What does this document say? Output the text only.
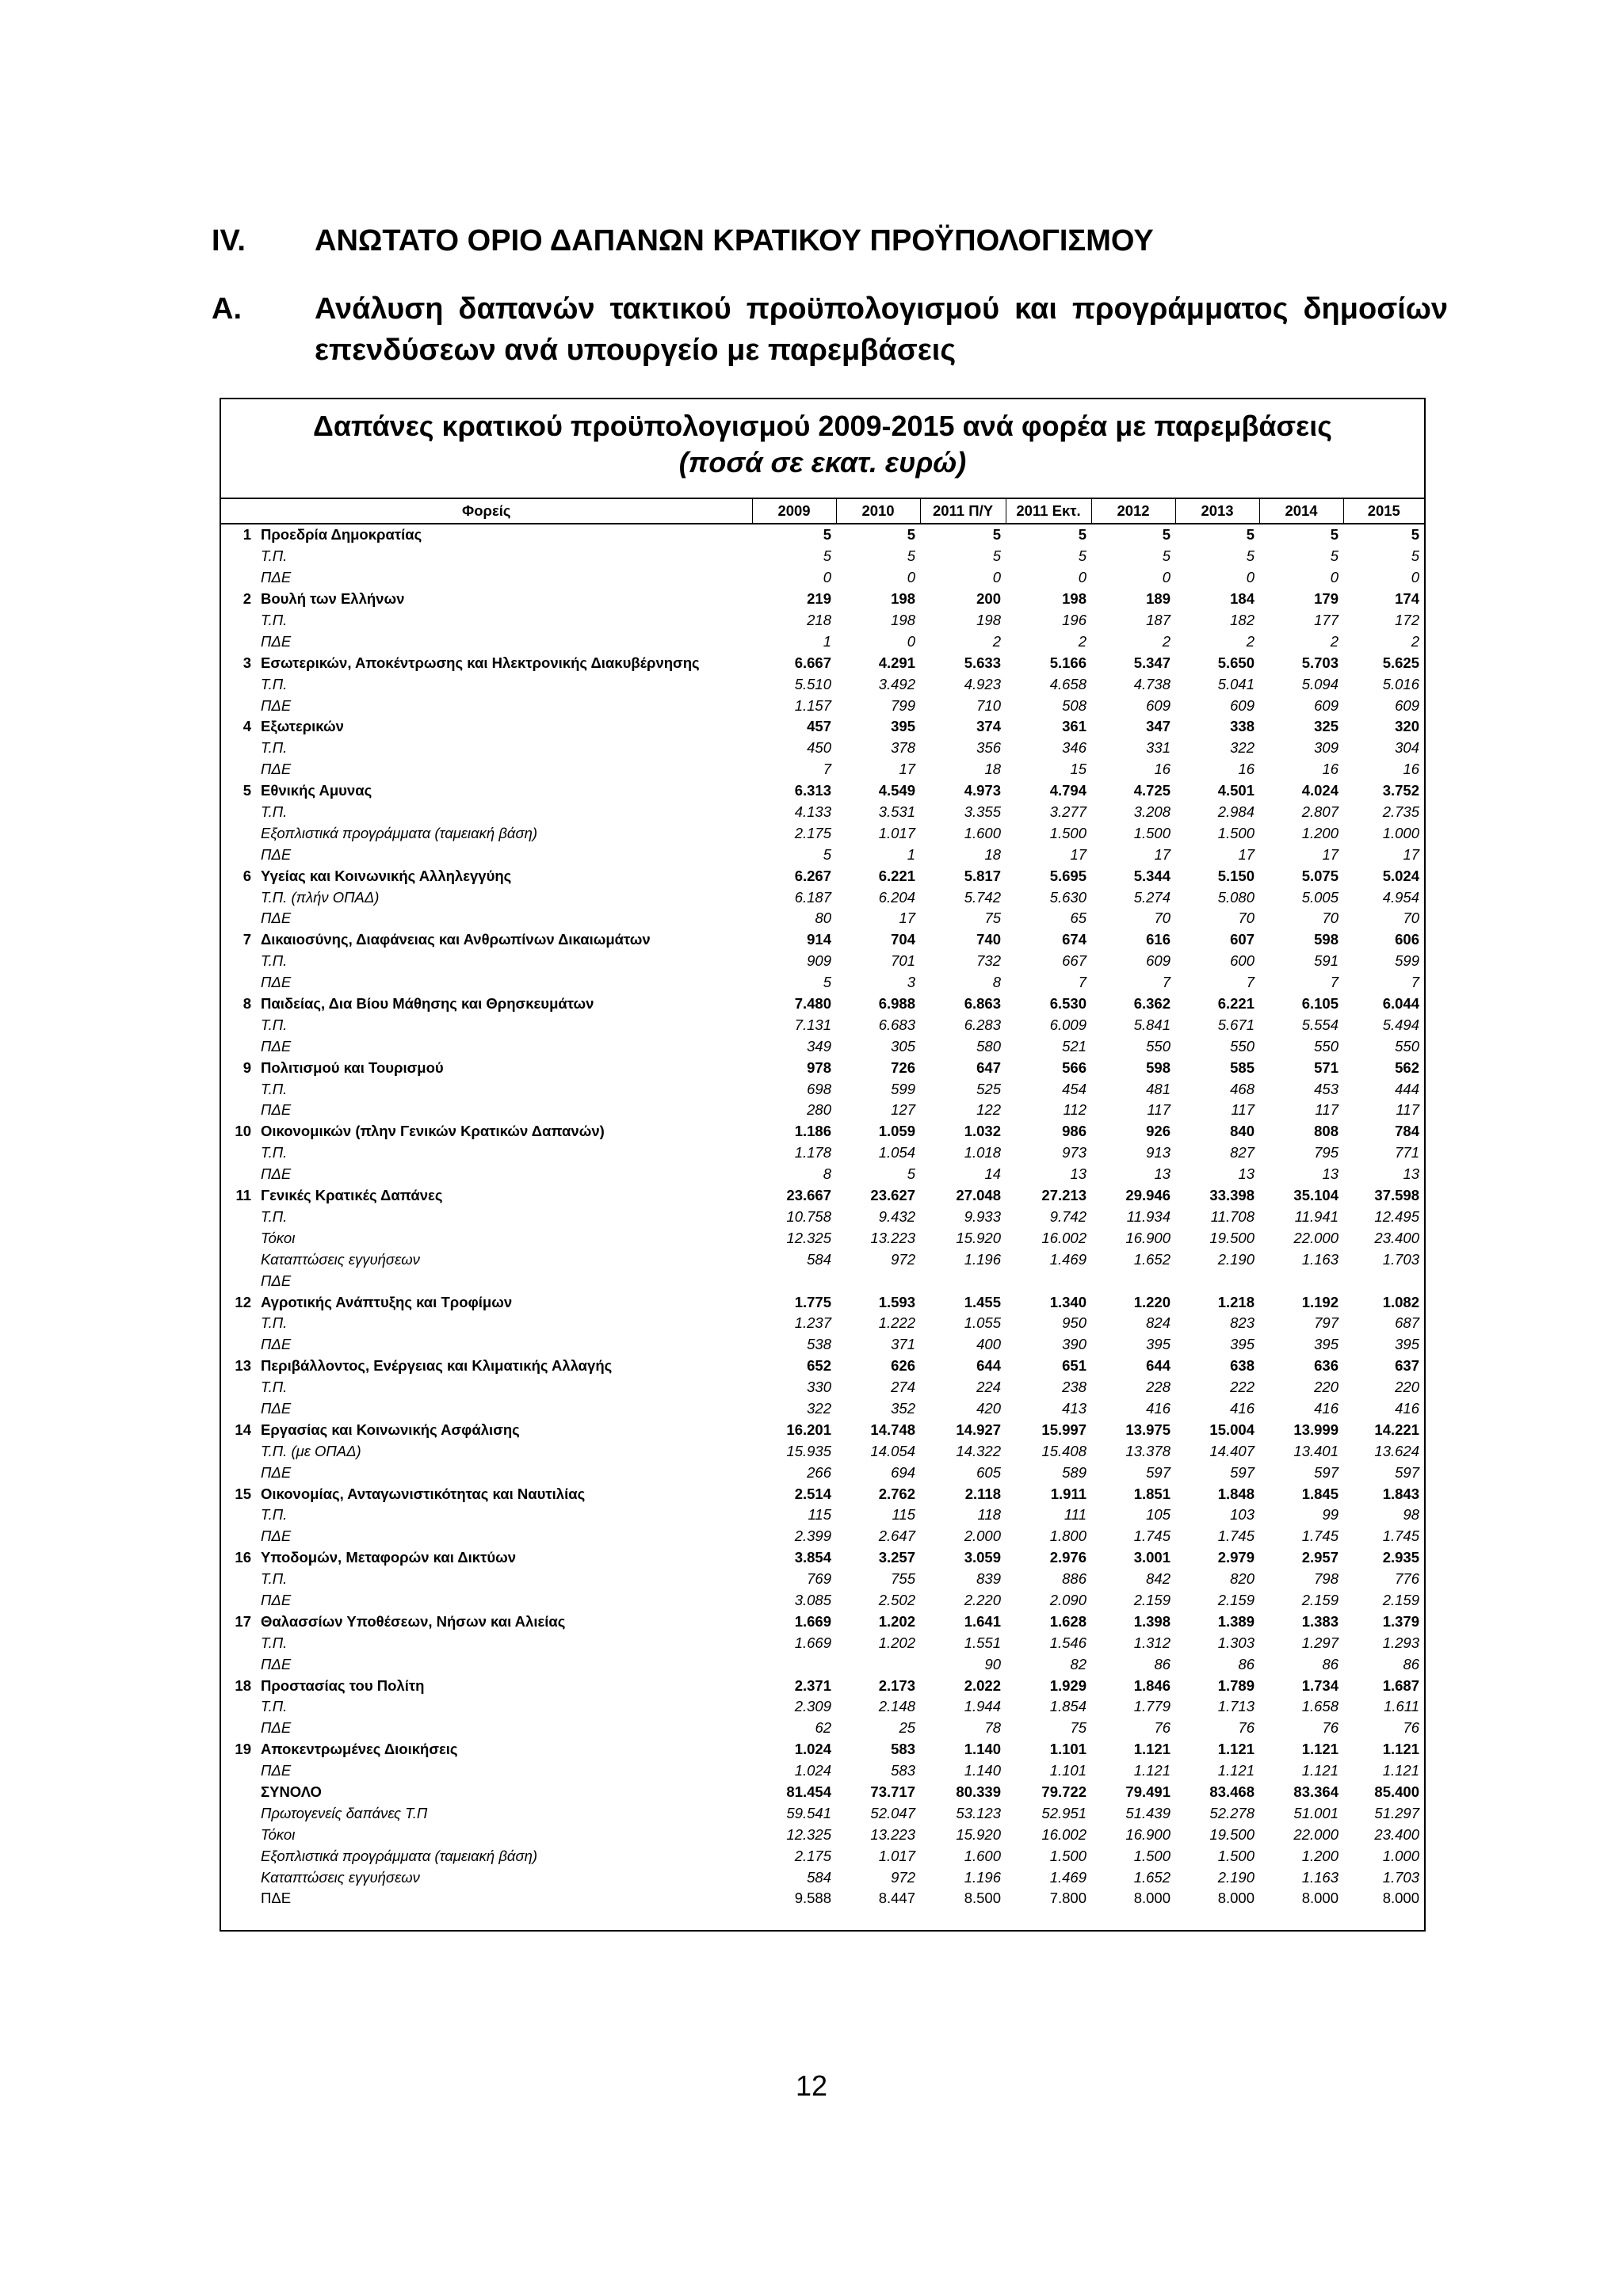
IV.	ΑΝΩΤΑΤΟ ΟΡΙΟ ΔΑΠΑΝΩΝ ΚΡΑΤΙΚΟΥ ΠΡΟΫΠΟΛΟΓΙΣΜΟΥ
Α.	Ανάλυση δαπανών τακτικού προϋπολογισμού και προγράμματος δημοσίων επενδύσεων ανά υπουργείο με παρεμβάσεις
Δαπάνες κρατικού προϋπολογισμού 2009-2015 ανά φορέα με παρεμβάσεις
(ποσά σε εκατ. ευρώ)
Φορείς		2009	2010	2011 Π/Υ	2011 Εκτ.	2012	2013	2014	2015
1	Προεδρία Δημοκρατίας	5	5	5	5	5	5	5	5
	Τ.Π.	5	5	5	5	5	5	5	5
	ΠΔΕ	0	0	0	0	0	0	0	0
2	Βουλή των Ελλήνων	219	198	200	198	189	184	179	174
	Τ.Π.	218	198	198	196	187	182	177	172
	ΠΔΕ	1	0	2	2	2	2	2	2
3	Εσωτερικών, Αποκέντρωσης και Ηλεκτρονικής Διακυβέρνησης	6.667	4.291	5.633	5.166	5.347	5.650	5.703	5.625
	Τ.Π.	5.510	3.492	4.923	4.658	4.738	5.041	5.094	5.016
	ΠΔΕ	1.157	799	710	508	609	609	609	609
4	Εξωτερικών	457	395	374	361	347	338	325	320
	Τ.Π.	450	378	356	346	331	322	309	304
	ΠΔΕ	7	17	18	15	16	16	16	16
5	Εθνικής Αμυνας	6.313	4.549	4.973	4.794	4.725	4.501	4.024	3.752
	Τ.Π.	4.133	3.531	3.355	3.277	3.208	2.984	2.807	2.735
	Εξοπλιστικά προγράμματα (ταμειακή βάση)	2.175	1.017	1.600	1.500	1.500	1.500	1.200	1.000
	ΠΔΕ	5	1	18	17	17	17	17	17
6	Υγείας και Κοινωνικής Αλληλεγγύης	6.267	6.221	5.817	5.695	5.344	5.150	5.075	5.024
	Τ.Π. (πλήν ΟΠΑΔ)	6.187	6.204	5.742	5.630	5.274	5.080	5.005	4.954
	ΠΔΕ	80	17	75	65	70	70	70	70
7	Δικαιοσύνης, Διαφάνειας και Ανθρωπίνων Δικαιωμάτων	914	704	740	674	616	607	598	606
	Τ.Π.	909	701	732	667	609	600	591	599
	ΠΔΕ	5	3	8	7	7	7	7	7
8	Παιδείας, Δια Βίου Μάθησης και Θρησκευμάτων	7.480	6.988	6.863	6.530	6.362	6.221	6.105	6.044
	Τ.Π.	7.131	6.683	6.283	6.009	5.841	5.671	5.554	5.494
	ΠΔΕ	349	305	580	521	550	550	550	550
9	Πολιτισμού και Τουρισμού	978	726	647	566	598	585	571	562
	Τ.Π.	698	599	525	454	481	468	453	444
	ΠΔΕ	280	127	122	112	117	117	117	117
10	Οικονομικών (πλην Γενικών Κρατικών Δαπανών)	1.186	1.059	1.032	986	926	840	808	784
	Τ.Π.	1.178	1.054	1.018	973	913	827	795	771
	ΠΔΕ	8	5	14	13	13	13	13	13
11	Γενικές Κρατικές Δαπάνες	23.667	23.627	27.048	27.213	29.946	33.398	35.104	37.598
	Τ.Π.	10.758	9.432	9.933	9.742	11.934	11.708	11.941	12.495
	Τόκοι	12.325	13.223	15.920	16.002	16.900	19.500	22.000	23.400
	Καταπτώσεις εγγυήσεων	584	972	1.196	1.469	1.652	2.190	1.163	1.703
	ΠΔΕ								
12	Αγροτικής Ανάπτυξης και Τροφίμων	1.775	1.593	1.455	1.340	1.220	1.218	1.192	1.082
	Τ.Π.	1.237	1.222	1.055	950	824	823	797	687
	ΠΔΕ	538	371	400	390	395	395	395	395
13	Περιβάλλοντος, Ενέργειας και Κλιματικής Αλλαγής	652	626	644	651	644	638	636	637
	Τ.Π.	330	274	224	238	228	222	220	220
	ΠΔΕ	322	352	420	413	416	416	416	416
14	Εργασίας και Κοινωνικής Ασφάλισης	16.201	14.748	14.927	15.997	13.975	15.004	13.999	14.221
	Τ.Π. (με ΟΠΑΔ)	15.935	14.054	14.322	15.408	13.378	14.407	13.401	13.624
	ΠΔΕ	266	694	605	589	597	597	597	597
15	Οικονομίας, Ανταγωνιστικότητας και Ναυτιλίας	2.514	2.762	2.118	1.911	1.851	1.848	1.845	1.843
	Τ.Π.	115	115	118	111	105	103	99	98
	ΠΔΕ	2.399	2.647	2.000	1.800	1.745	1.745	1.745	1.745
16	Υποδομών, Μεταφορών και Δικτύων	3.854	3.257	3.059	2.976	3.001	2.979	2.957	2.935
	Τ.Π.	769	755	839	886	842	820	798	776
	ΠΔΕ	3.085	2.502	2.220	2.090	2.159	2.159	2.159	2.159
17	Θαλασσίων Υποθέσεων, Νήσων και Αλιείας	1.669	1.202	1.641	1.628	1.398	1.389	1.383	1.379
	Τ.Π.	1.669	1.202	1.551	1.546	1.312	1.303	1.297	1.293
	ΠΔΕ			90	82	86	86	86	86
18	Προστασίας του Πολίτη	2.371	2.173	2.022	1.929	1.846	1.789	1.734	1.687
	Τ.Π.	2.309	2.148	1.944	1.854	1.779	1.713	1.658	1.611
	ΠΔΕ	62	25	78	75	76	76	76	76
19	Αποκεντρωμένες Διοικήσεις	1.024	583	1.140	1.101	1.121	1.121	1.121	1.121
	ΠΔΕ	1.024	583	1.140	1.101	1.121	1.121	1.121	1.121
	ΣΥΝΟΛΟ	81.454	73.717	80.339	79.722	79.491	83.468	83.364	85.400
	Πρωτογενείς δαπάνες Τ.Π	59.541	52.047	53.123	52.951	51.439	52.278	51.001	51.297
	Τόκοι	12.325	13.223	15.920	16.002	16.900	19.500	22.000	23.400
	Εξοπλιστικά προγράμματα (ταμειακή βάση)	2.175	1.017	1.600	1.500	1.500	1.500	1.200	1.000
	Καταπτώσεις εγγυήσεων	584	972	1.196	1.469	1.652	2.190	1.163	1.703
	ΠΔΕ	9.588	8.447	8.500	7.800	8.000	8.000	8.000	8.000
12
